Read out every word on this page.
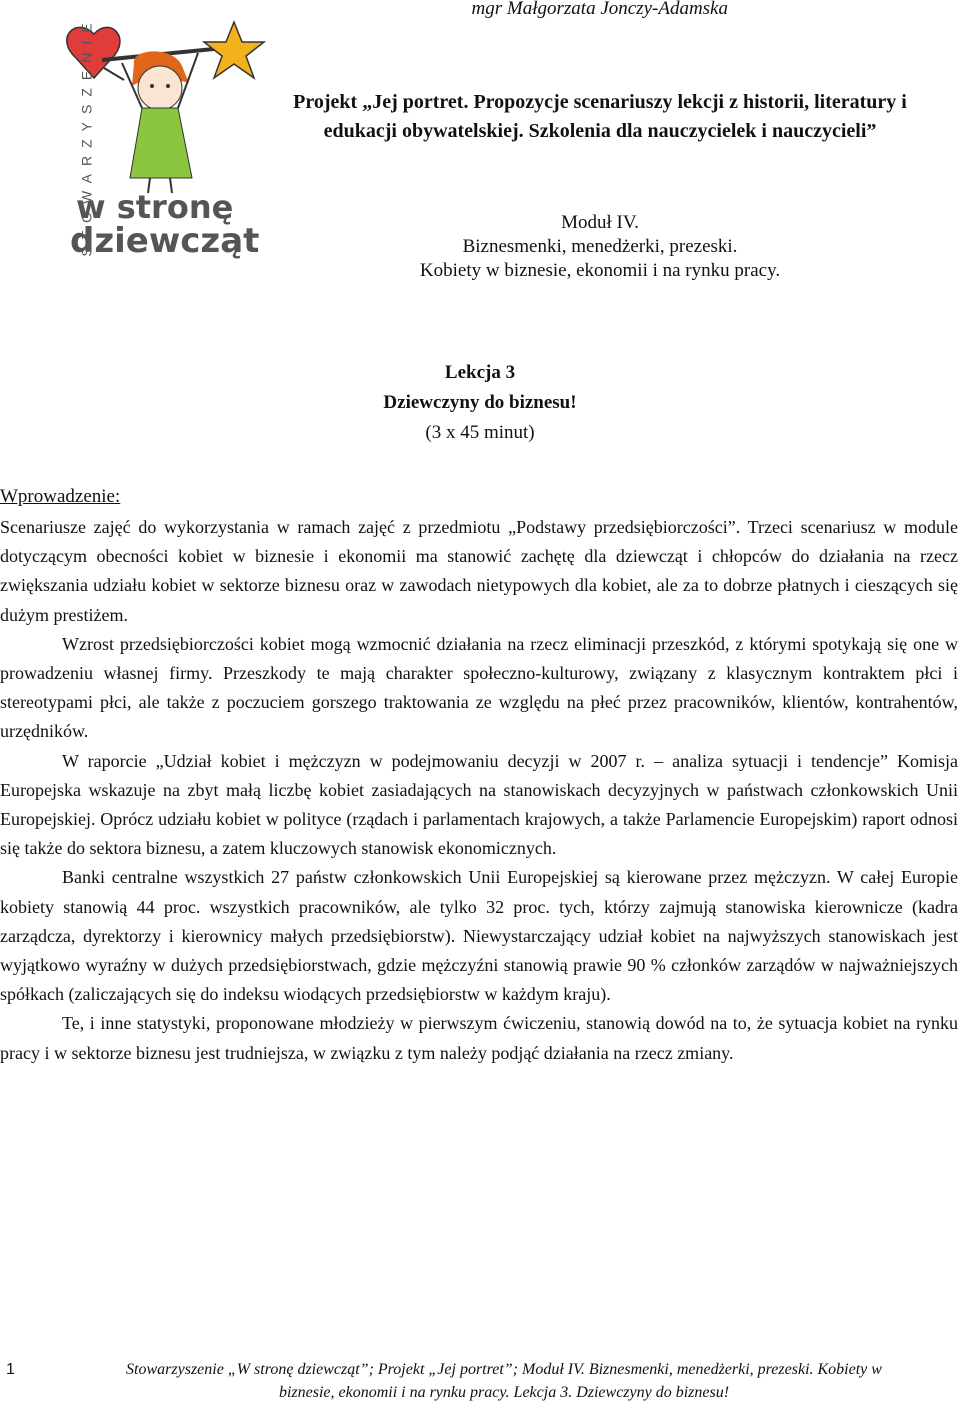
mgr Małgorzata Jonczy-Adamska
STOWARZYSZENIE
w stronę
dziewcząt
Projekt „Jej portret. Propozycje scenariuszy lekcji z historii, literatury i
edukacji obywatelskiej. Szkolenia dla nauczycielek i nauczycieli”
Moduł IV.
Biznesmenki, menedżerki, prezeski.
Kobiety w biznesie, ekonomii i na rynku pracy.
Lekcja 3
Dziewczyny do biznesu!
(3 x 45 minut)
Wprowadzenie:

Scenariusze zajęć do wykorzystania w ramach zajęć z przedmiotu „Podstawy przedsiębiorczości”. Trzeci scenariusz w module dotyczącym obecności kobiet w biznesie i ekonomii ma stanowić zachętę dla dziewcząt i chłopców do działania na rzecz zwiększania udziału kobiet w sektorze biznesu oraz w zawodach nietypowych dla kobiet, ale za to dobrze płatnych i cieszących się dużym prestiżem.

Wzrost przedsiębiorczości kobiet mogą wzmocnić działania na rzecz eliminacji przeszkód, z którymi spotykają się one w prowadzeniu własnej firmy. Przeszkody te mają charakter społeczno-kulturowy, związany z klasycznym kontraktem płci i stereotypami płci, ale także z poczuciem gorszego traktowania ze względu na płeć przez pracowników, klientów, kontrahentów, urzędników.

W raporcie „Udział kobiet i mężczyzn w podejmowaniu decyzji w 2007 r. – analiza sytuacji i tendencje” Komisja Europejska wskazuje na zbyt małą liczbę kobiet zasiadających na stanowiskach decyzyjnych w państwach członkowskich Unii Europejskiej. Oprócz udziału kobiet w polityce (rządach i parlamentach krajowych, a także Parlamencie Europejskim) raport odnosi się także do sektora biznesu, a zatem kluczowych stanowisk ekonomicznych.

Banki centralne wszystkich 27 państw członkowskich Unii Europejskiej są kierowane przez mężczyzn. W całej Europie kobiety stanowią 44 proc. wszystkich pracowników, ale tylko 32 proc. tych, którzy zajmują stanowiska kierownicze (kadra zarządcza, dyrektorzy i kierownicy małych przedsiębiorstw). Niewystarczający udział kobiet na najwyższych stanowiskach jest wyjątkowo wyraźny w dużych przedsiębiorstwach, gdzie mężczyźni stanowią prawie 90 % członków zarządów w najważniejszych spółkach (zaliczających się do indeksu wiodących przedsiębiorstw w każdym kraju).

Te, i inne statystyki, proponowane młodzieży w pierwszym ćwiczeniu, stanowią dowód na to, że sytuacja kobiet na rynku pracy i w sektorze biznesu jest trudniejsza, w związku z tym należy podjąć działania na rzecz zmiany.

1	Stowarzyszenie „W stronę dziewcząt”; Projekt „Jej portret”; Moduł IV. Biznesmenki, menedżerki, prezeski. Kobiety w
biznesie, ekonomii i na rynku pracy. Lekcja 3. Dziewczyny do biznesu!
